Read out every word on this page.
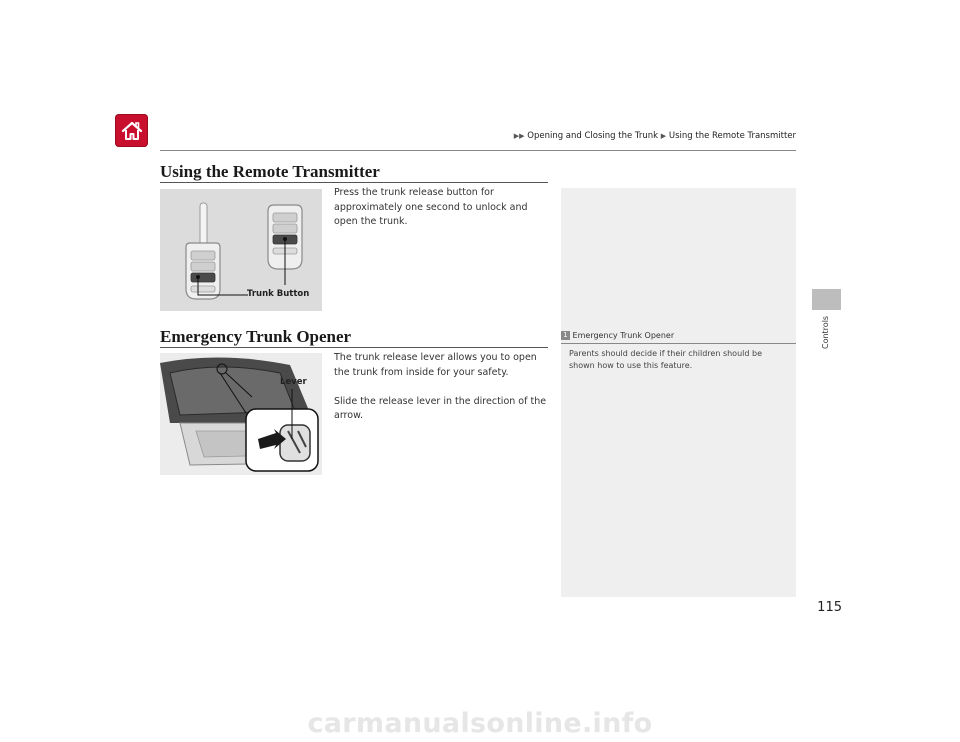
▶▶ Opening and Closing the Trunk ▶ Using the Remote Transmitter
Controls
Using the Remote Transmitter
Trunk Button
Press the trunk release button for approximately one second to unlock and open the trunk.
Emergency Trunk Opener
Lever
The trunk release lever allows you to open the trunk from inside for your safety.
Slide the release lever in the direction of the arrow.
1 Emergency Trunk Opener
Parents should decide if their children should be shown how to use this feature.
115
carmanualsonline.info
